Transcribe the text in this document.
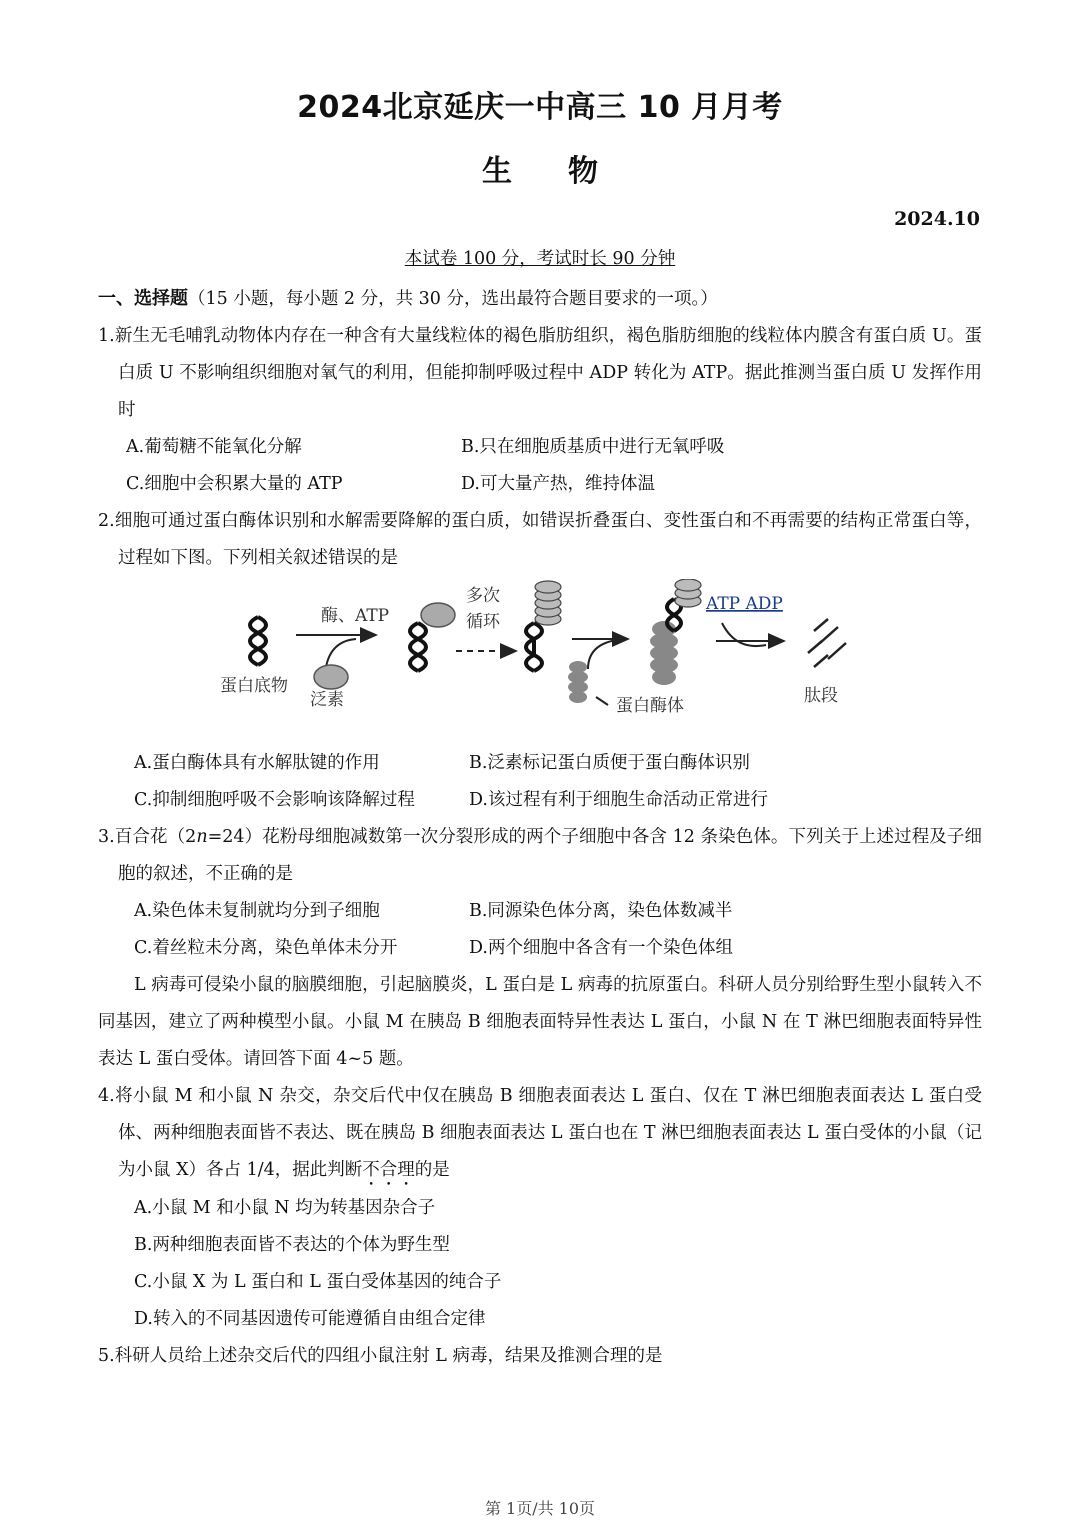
2024北京延庆一中高三 10 月月考
生 物
2024.10
本试卷 100 分，考试时长 90 分钟
一、选择题（15 小题，每小题 2 分，共 30 分，选出最符合题目要求的一项。）

1.新生无毛哺乳动物体内存在一种含有大量线粒体的褐色脂肪组织，褐色脂肪细胞的线粒体内膜含有蛋白质 U。蛋白质 U 不影响组织细胞对氧气的利用，但能抑制呼吸过程中 ADP 转化为 ATP。据此推测当蛋白质 U 发挥作用时

A.葡萄糖不能氧化分解	B.只在细胞质基质中进行无氧呼吸
C.细胞中会积累大量的 ATP	D.可大量产热，维持体温

2.细胞可通过蛋白酶体识别和水解需要降解的蛋白质，如错误折叠蛋白、变性蛋白和不再需要的结构正常蛋白等，过程如下图。下列相关叙述错误的是

酶、ATP
蛋白底物
泛素
多次
循环
蛋白酶体
ATP ADP
肽段
A.蛋白酶体具有水解肽键的作用	B.泛素标记蛋白质便于蛋白酶体识别
C.抑制细胞呼吸不会影响该降解过程	D.该过程有利于细胞生命活动正常进行

3.百合花（2n=24）花粉母细胞减数第一次分裂形成的两个子细胞中各含 12 条染色体。下列关于上述过程及子细胞的叙述，不正确的是

A.染色体未复制就均分到子细胞	B.同源染色体分离，染色体数减半
C.着丝粒未分离，染色单体未分开	D.两个细胞中各含有一个染色体组

L 病毒可侵染小鼠的脑膜细胞，引起脑膜炎，L 蛋白是 L 病毒的抗原蛋白。科研人员分别给野生型小鼠转入不同基因，建立了两种模型小鼠。小鼠 M 在胰岛 B 细胞表面特异性表达 L 蛋白，小鼠 N 在 T 淋巴细胞表面特异性表达 L 蛋白受体。请回答下面 4~5 题。

4.将小鼠 M 和小鼠 N 杂交，杂交后代中仅在胰岛 B 细胞表面表达 L 蛋白、仅在 T 淋巴细胞表面表达 L 蛋白受体、两种细胞表面皆不表达、既在胰岛 B 细胞表面表达 L 蛋白也在 T 淋巴细胞表面表达 L 蛋白受体的小鼠（记为小鼠 X）各占 1/4，据此判断不合理的是

A.小鼠 M 和小鼠 N 均为转基因杂合子
B.两种细胞表面皆不表达的个体为野生型
C.小鼠 X 为 L 蛋白和 L 蛋白受体基因的纯合子
D.转入的不同基因遗传可能遵循自由组合定律

5.科研人员给上述杂交后代的四组小鼠注射 L 病毒，结果及推测合理的是

第 1页/共 10页
